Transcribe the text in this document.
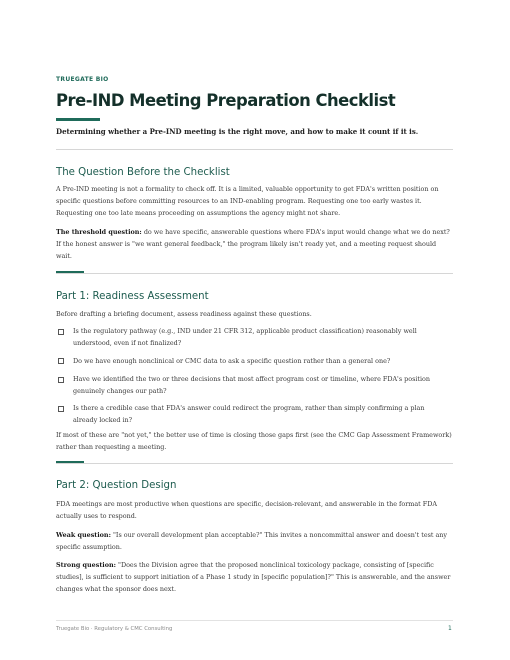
TRUEGATE BIO
Pre-IND Meeting Preparation Checklist
Determining whether a Pre-IND meeting is the right move, and how to make it count if it is.
The Question Before the Checklist

A Pre-IND meeting is not a formality to check off. It is a limited, valuable opportunity to get FDA's written position on specific questions before committing resources to an IND-enabling program. Requesting one too early wastes it. Requesting one too late means proceeding on assumptions the agency might not share.

The threshold question: do we have specific, answerable questions where FDA's input would change what we do next? If the honest answer is "we want general feedback," the program likely isn't ready yet, and a meeting request should wait.

Part 1: Readiness Assessment

Before drafting a briefing document, assess readiness against these questions.

Is the regulatory pathway (e.g., IND under 21 CFR 312, applicable product classification) reasonably well understood, even if not finalized?

Do we have enough nonclinical or CMC data to ask a specific question rather than a general one?

Have we identified the two or three decisions that most affect program cost or timeline, where FDA's position genuinely changes our path?

Is there a credible case that FDA's answer could redirect the program, rather than simply confirming a plan already locked in?

If most of these are "not yet," the better use of time is closing those gaps first (see the CMC Gap Assessment Framework) rather than requesting a meeting.

Part 2: Question Design

FDA meetings are most productive when questions are specific, decision-relevant, and answerable in the format FDA actually uses to respond.

Weak question: "Is our overall development plan acceptable?" This invites a noncommittal answer and doesn't test any specific assumption.

Strong question: "Does the Division agree that the proposed nonclinical toxicology package, consisting of [specific studies], is sufficient to support initiation of a Phase 1 study in [specific population]?" This is answerable, and the answer changes what the sponsor does next.

Truegate Bio · Regulatory & CMC Consulting	1
